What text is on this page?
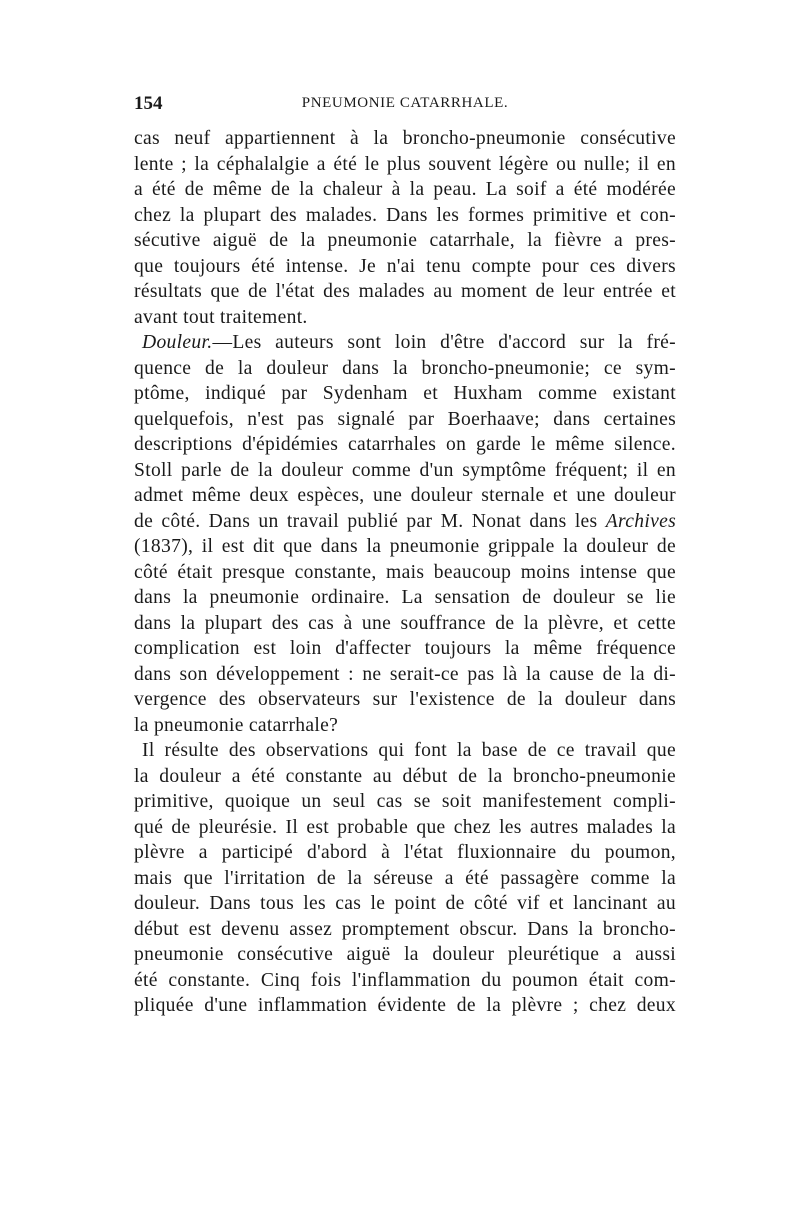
154	PNEUMONIE CATARRHALE.
cas neuf appartiennent à la broncho-pneumonie consécutive
lente ; la céphalalgie a été le plus souvent légère ou nulle; il en
a été de même de la chaleur à la peau. La soif a été modérée
chez la plupart des malades. Dans les formes primitive et con-
sécutive aiguë de la pneumonie catarrhale, la fièvre a pres-
que toujours été intense. Je n'ai tenu compte pour ces divers
résultats que de l'état des malades au moment de leur entrée et
avant tout traitement.
Douleur.—Les auteurs sont loin d'être d'accord sur la fré-
quence de la douleur dans la broncho-pneumonie; ce sym-
ptôme, indiqué par Sydenham et Huxham comme existant
quelquefois, n'est pas signalé par Boerhaave; dans certaines
descriptions d'épidémies catarrhales on garde le même silence.
Stoll parle de la douleur comme d'un symptôme fréquent; il en
admet même deux espèces, une douleur sternale et une douleur
de côté. Dans un travail publié par M. Nonat dans les Archives
(1837), il est dit que dans la pneumonie grippale la douleur de
côté était presque constante, mais beaucoup moins intense que
dans la pneumonie ordinaire. La sensation de douleur se lie
dans la plupart des cas à une souffrance de la plèvre, et cette
complication est loin d'affecter toujours la même fréquence
dans son développement : ne serait-ce pas là la cause de la di-
vergence des observateurs sur l'existence de la douleur dans
la pneumonie catarrhale?
Il résulte des observations qui font la base de ce travail que
la douleur a été constante au début de la broncho-pneumonie
primitive, quoique un seul cas se soit manifestement compli-
qué de pleurésie. Il est probable que chez les autres malades la
plèvre a participé d'abord à l'état fluxionnaire du poumon,
mais que l'irritation de la séreuse a été passagère comme la
douleur. Dans tous les cas le point de côté vif et lancinant au
début est devenu assez promptement obscur. Dans la broncho-
pneumonie consécutive aiguë la douleur pleurétique a aussi
été constante. Cinq fois l'inflammation du poumon était com-
pliquée d'une inflammation évidente de la plèvre ; chez deux
